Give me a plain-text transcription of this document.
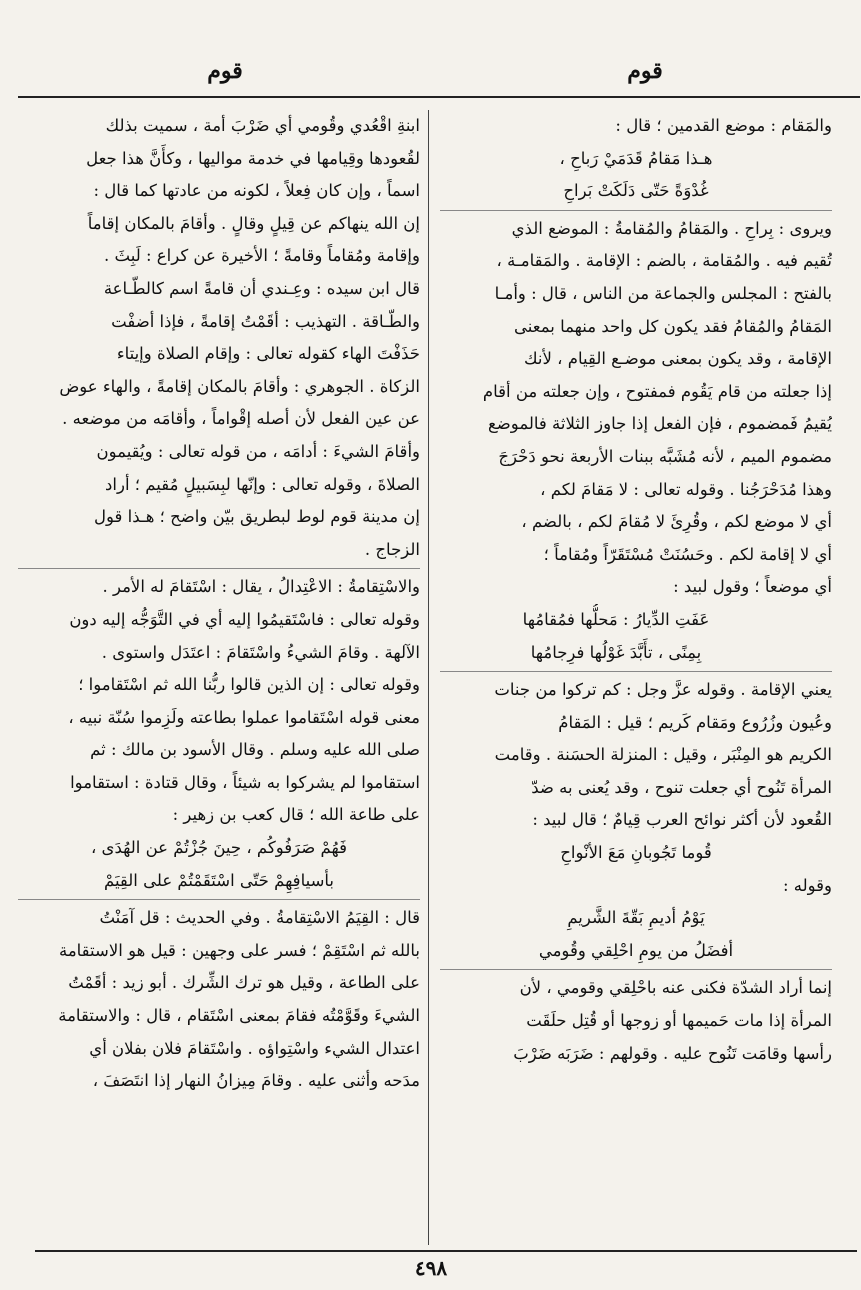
قوم
قوم
والمَقام : موضع القدمين ؛ قال :
هـذا مَقامُ قَدَمَيْ رَباحِ ،
غُدْوَةً حَتّى دَلَكَتْ بَراحِ
ويروى : بِراحِ . والمَقامُ والمُقامةُ : الموضع الذي
تُقيم فيه . والمُقامة ، بالضم : الإقامة . والمَقامـة ،
بالفتح : المجلس والجماعة من الناس ، قال : وأمـا
المَقامُ والمُقامُ فقد يكون كل واحد منهما بمعنى
الإقامة ، وقد يكون بمعنى موضـع القِيام ، لأنك
إذا جعلته من قام يَقُوم فمفتوح ، وإن جعلته من أقام
يُقيمُ فَمضموم ، فإن الفعل إذا جاوز الثلاثة فالموضع
مضموم الميم ، لأنه مُشَبَّه ببنات الأربعة نحو دَحْرَجَ
وهذا مُدَحْرَجُنا . وقوله تعالى : لا مَقامَ لكم ،
أي لا موضع لكم ، وقُرِئَ لا مُقامَ لكم ، بالضم ،
أي لا إقامة لكم . وحَسُنَتْ مُسْتَقَرّاً ومُقاماً ؛
أي موضعاً ؛ وقول لبيد :
عَفَتِ الدِّيارُ : مَحلُّها فمُقامُها
بِمِنًى ، تأَبَّدَ غَوْلُها فرِجامُها
يعني الإقامة . وقوله عزَّ وجل : كم تركوا من جنات
وعُيون وزُرُوع ومَقام كَريم ؛ قيل : المَقامُ
الكريم هو المِنْبَر ، وقيل : المنزلة الحسَنة . وقامت
المرأة تَنُوح أي جعلت تنوح ، وقد يُعنى به ضدّ
القُعود لأن أكثر نوائح العرب قِيامٌ ؛ قال لبيد :
قُوما تَجُوبانِ مَعَ الأنْواحِ
وقوله :
يَوْمُ أديمِ بَقّةَ الشَّريمِ
أفضَلُ من يومِ احْلِقي وقُومي
إنما أراد الشدّة فكنى عنه باحْلِقي وقومي ، لأن
المرأة إذا مات حَميمها أو زوجها أو قُتِل حلَقَت
رأسها وقامَت تَنُوح عليه . وقولهم : ضَرَبَه ضَرْبَ
ابنةِ اقْعُدي وقُومي أي ضَرْبَ أمة ، سميت بذلك
لقُعودها وقِيامها في خدمة مواليها ، وكأَنَّ هذا جعل
اسماً ، وإن كان فِعلاً ، لكونه من عادتها كما قال :
إن الله ينهاكم عن قِيلٍ وقالٍ . وأقامَ بالمكان إقاماً
وإقامة ومُقاماً وقامةً ؛ الأخيرة عن كراع : لَبِثَ .
قال ابن سيده : وعِـندي أن قامةً اسم كالطّـاعة
والطّـاقة . التهذيب : أقَمْتُ إقامةً ، فإذا أضفْت
حَذَفْتَ الهاء كقوله تعالى : وإقام الصلاة وإيتاء
الزكاة . الجوهري : وأقامَ بالمكان إقامةً ، والهاء عوض
عن عين الفعل لأن أصله إقْواماً ، وأقامَه من موضعه .
وأقامَ الشيءَ : أدامَه ، من قوله تعالى : ويُقيمون
الصلاةَ ، وقوله تعالى : وإنّها لبِسَبيلٍ مُقيم ؛ أراد
إن مدينة قوم لوط لبطريق بيّن واضح ؛ هـذا قول
الزجاج .
والاسْتِقامةُ : الاعْتِدالُ ، يقال : اسْتَقامَ له الأمر .
وقوله تعالى : فاسْتَقيمُوا إليه أي في التَّوَجُّه إليه دون
الآلهة . وقامَ الشيءُ واسْتَقامَ : اعتَدَل واستوى .
وقوله تعالى : إن الذين قالوا ربُّنا الله ثم اسْتَقاموا ؛
معنى قوله اسْتَقاموا عملوا بطاعته ولَزِموا سُنّة نبيه ،
صلى الله عليه وسلم . وقال الأسود بن مالك : ثم
استقاموا لم يشركوا به شيئاً ، وقال قتادة : استقاموا
على طاعة الله ؛ قال كعب بن زهير :
فَهُمْ صَرَفُوكُم ، حِينَ جُزْتُمْ عن الهُدَى ،
بأسيافِهِمْ حَتّى اسْتَقَمْتُمْ على القِيَمْ
قال : القِيَمُ الاسْتِقامةُ . وفي الحديث : قل آمَنْتُ
بالله ثم اسْتَقِمْ ؛ فسر على وجهين : قيل هو الاستقامة
على الطاعة ، وقيل هو ترك الشِّرك . أبو زيد : أقَمْتُ
الشيءَ وقَوَّمْتُه فقامَ بمعنى اسْتَقام ، قال : والاستقامة
اعتدال الشيء واسْتِواؤه . واسْتَقامَ فلان بفلان أي
مدَحه وأثنى عليه . وقامَ مِيزانُ النهار إذا انتَصَفَ ،
٤٩٨
